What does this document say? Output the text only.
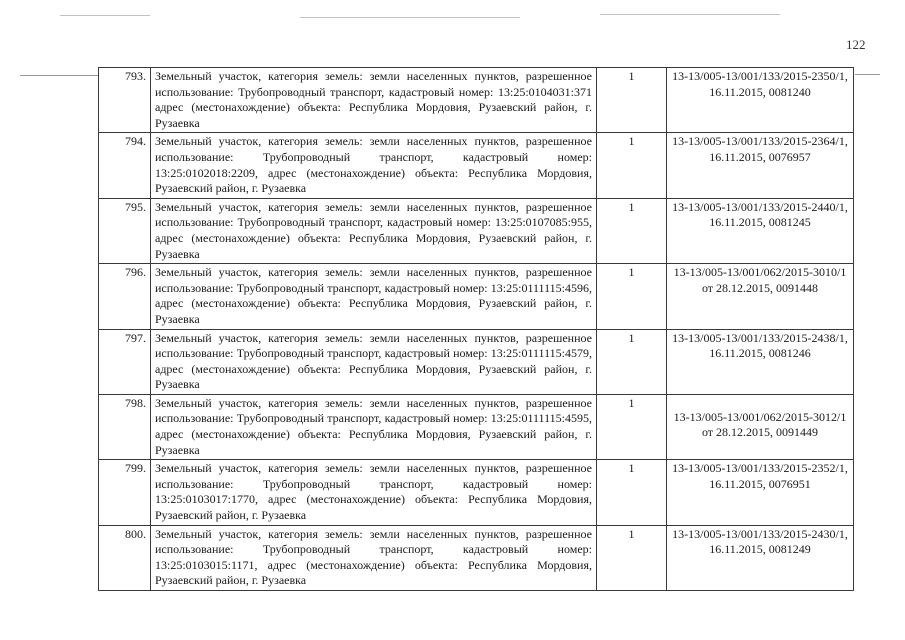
122
793.	Земельный участок, категория земель: земли населенных пунктов, разрешенное использование: Трубопроводный транспорт, кадастровый номер: 13:25:0104031:371 адрес (местонахождение) объекта: Республика Мордовия, Рузаевский район, г. Рузаевка	1	13-13/005-13/001/133/2015-2350/1, 16.11.2015, 0081240

794.	Земельный участок, категория земель: земли населенных пунктов, разрешенное использование: Трубопроводный транспорт, кадастровый номер: 13:25:0102018:2209, адрес (местонахождение) объекта: Республика Мордовия, Рузаевский район, г. Рузаевка	1	13-13/005-13/001/133/2015-2364/1, 16.11.2015, 0076957

795.	Земельный участок, категория земель: земли населенных пунктов, разрешенное использование: Трубопроводный транспорт, кадастровый номер: 13:25:0107085:955, адрес (местонахождение) объекта: Республика Мордовия, Рузаевский район, г. Рузаевка	1	13-13/005-13/001/133/2015-2440/1, 16.11.2015, 0081245

796.	Земельный участок, категория земель: земли населенных пунктов, разрешенное использование: Трубопроводный транспорт, кадастровый номер: 13:25:0111115:4596, адрес (местонахождение) объекта: Республика Мордовия, Рузаевский район, г. Рузаевка	1	13-13/005-13/001/062/2015-3010/1 от 28.12.2015, 0091448

797.	Земельный участок, категория земель: земли населенных пунктов, разрешенное использование: Трубопроводный транспорт, кадастровый номер: 13:25:0111115:4579, адрес (местонахождение) объекта: Республика Мордовия, Рузаевский район, г. Рузаевка	1	13-13/005-13/001/133/2015-2438/1, 16.11.2015, 0081246

798.	Земельный участок, категория земель: земли населенных пунктов, разрешенное использование: Трубопроводный транспорт, кадастровый номер: 13:25:0111115:4595, адрес (местонахождение) объекта: Республика Мордовия, Рузаевский район, г. Рузаевка	1	13-13/005-13/001/062/2015-3012/1 от 28.12.2015, 0091449

799.	Земельный участок, категория земель: земли населенных пунктов, разрешенное использование: Трубопроводный транспорт, кадастровый номер: 13:25:0103017:1770, адрес (местонахождение) объекта: Республика Мордовия, Рузаевский район, г. Рузаевка	1	13-13/005-13/001/133/2015-2352/1, 16.11.2015, 0076951

800.	Земельный участок, категория земель: земли населенных пунктов, разрешенное использование: Трубопроводный транспорт, кадастровый номер: 13:25:0103015:1171, адрес (местонахождение) объекта: Республика Мордовия, Рузаевский район, г. Рузаевка	1	13-13/005-13/001/133/2015-2430/1, 16.11.2015, 0081249
